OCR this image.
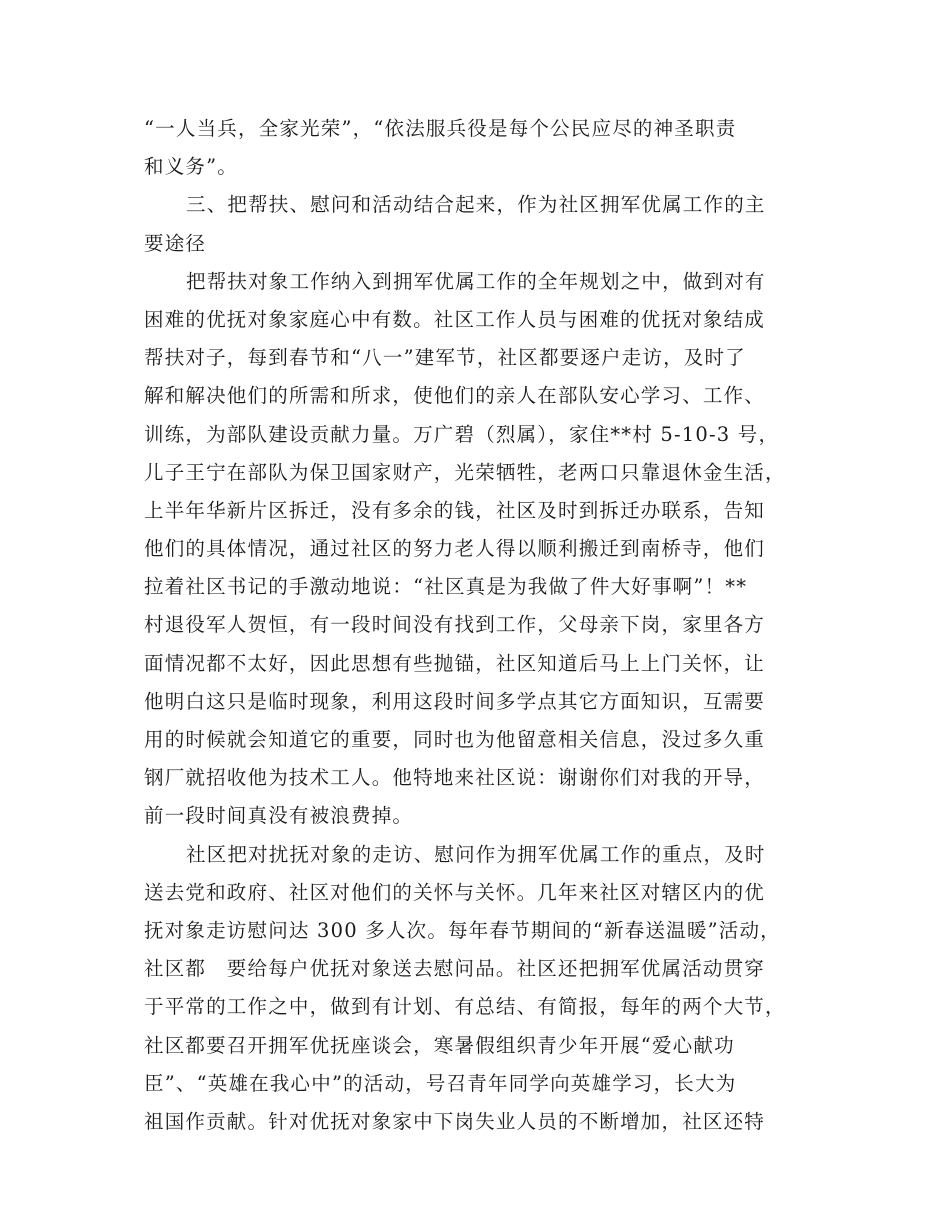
“一人当兵，全家光荣”，“依法服兵役是每个公民应尽的神圣职责
和义务”。
三、把帮扶、慰问和活动结合起来，作为社区拥军优属工作的主
要途径
把帮扶对象工作纳入到拥军优属工作的全年规划之中，做到对有
困难的优抚对象家庭心中有数。社区工作人员与困难的优抚对象结成
帮扶对子，每到春节和“八一”建军节，社区都要逐户走访，及时了
解和解决他们的所需和所求，使他们的亲人在部队安心学习、工作、
训练，为部队建设贡献力量。万广碧（烈属），家住**村 5-10-3 号，
儿子王宁在部队为保卫国家财产，光荣牺牲，老两口只靠退休金生活，
上半年华新片区拆迁，没有多余的钱，社区及时到拆迁办联系，告知
他们的具体情况，通过社区的努力老人得以顺利搬迁到南桥寺，他们
拉着社区书记的手激动地说：“社区真是为我做了件大好事啊”！**
村退役军人贺恒，有一段时间没有找到工作，父母亲下岗，家里各方
面情况都不太好，因此思想有些抛锚，社区知道后马上上门关怀，让
他明白这只是临时现象，利用这段时间多学点其它方面知识，互需要
用的时候就会知道它的重要，同时也为他留意相关信息，没过多久重
钢厂就招收他为技术工人。他特地来社区说：谢谢你们对我的开导，
前一段时间真没有被浪费掉。
社区把对扰抚对象的走访、慰问作为拥军优属工作的重点，及时
送去党和政府、社区对他们的关怀与关怀。几年来社区对辖区内的优
抚对象走访慰问达 300 多人次。每年春节期间的“新春送温暖”活动，
社区都　要给每户优抚对象送去慰问品。社区还把拥军优属活动贯穿
于平常的工作之中，做到有计划、有总结、有简报，每年的两个大节，
社区都要召开拥军优抚座谈会，寒暑假组织青少年开展“爱心献功
臣”、“英雄在我心中”的活动，号召青年同学向英雄学习，长大为
祖国作贡献。针对优抚对象家中下岗失业人员的不断增加，社区还特
